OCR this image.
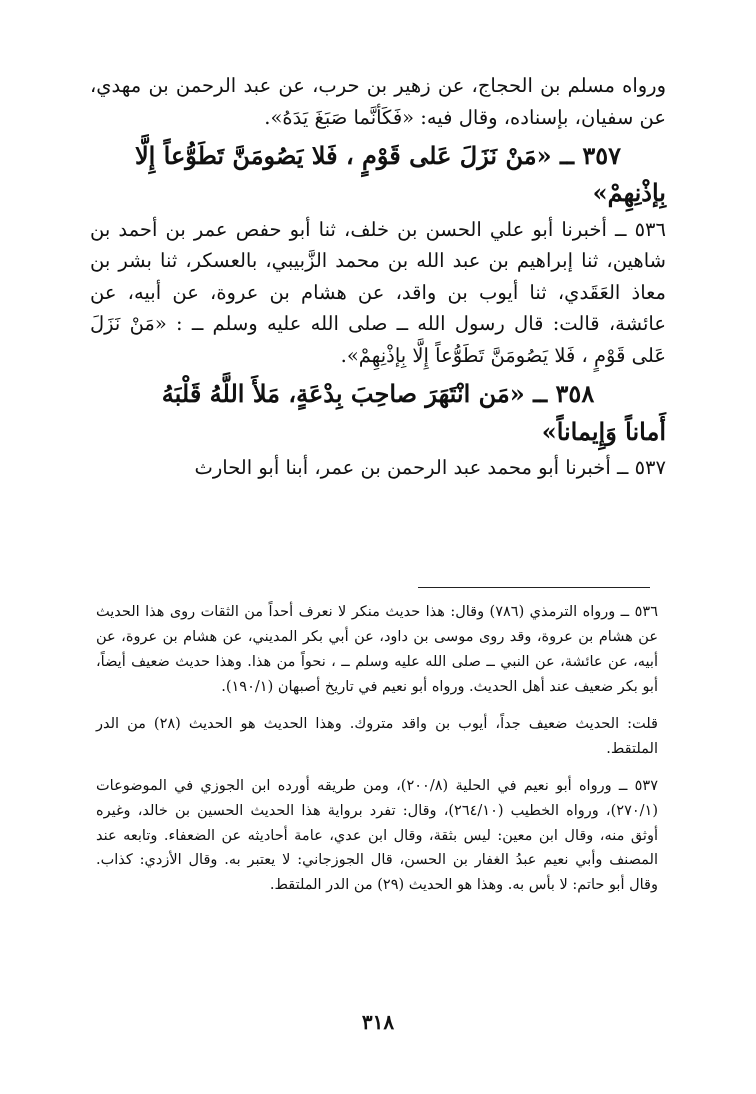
ورواه مسلم بن الحجاج، عن زهير بن حرب، عن عبد الرحمن بن مهدي، عن سفيان، بإسناده، وقال فيه: «فَكَأنَّما صَبَغَ يَدَهُ».

٣٥٧ ــ «مَنْ نَزَلَ عَلى قَوْمٍ ، فَلا يَصُومَنَّ تَطَوُّعاً إِلَّا
بِإذْنِهِمْ»

٥٣٦ ــ أخبرنا أبو علي الحسن بن خلف، ثنا أبو حفص عمر بن أحمد بن شاهين، ثنا إبراهيم بن عبد الله بن محمد الزَّبيبي، بالعسكر، ثنا بشر بن معاذ العَقَدي، ثنا أيوب بن واقد، عن هشام بن عروة، عن أبيه، عن عائشة، قالت: قال رسول الله ــ صلى الله عليه وسلم ــ : «مَنْ نَزَلَ عَلى قَوْمٍ ، فَلا يَصُومَنَّ تَطَوُّعاً إِلَّا بِإذْنِهِمْ».

٣٥٨ ــ «مَن انْتَهَرَ صاحِبَ بِدْعَةٍ، مَلأَ اللَّهُ قَلْبَهُ
أَماناً وَإِيماناً»

٥٣٧ ــ أخبرنا أبو محمد عبد الرحمن بن عمر، أبنا أبو الحارث

٥٣٦ ــ ورواه الترمذي (٧٨٦) وقال: هذا حديث منكر لا نعرف أحداً من الثقات روى هذا الحديث عن هشام بن عروة، وقد روى موسى بن داود، عن أبي بكر المديني، عن هشام بن عروة، عن أبيه، عن عائشة، عن النبي ــ صلى الله عليه وسلم ــ ، نحواً من هذا. وهذا حديث ضعيف أيضاً، أبو بكر ضعيف عند أهل الحديث. ورواه أبو نعيم في تاريخ أصبهان (١٩٠/١).

قلت: الحديث ضعيف جداً، أيوب بن واقد متروك. وهذا الحديث هو الحديث (٢٨) من الدر الملتقط.

٥٣٧ ــ ورواه أبو نعيم في الحلية (٢٠٠/٨)، ومن طريقه أورده ابن الجوزي في الموضوعات (٢٧٠/١)، ورواه الخطيب (٢٦٤/١٠)، وقال: تفرد برواية هذا الحديث الحسين بن خالد، وغيره أوثق منه، وقال ابن معين: ليس بثقة، وقال ابن عدي، عامة أحاديثه عن الضعفاء. وتابعه عند المصنف وأبي نعيم عبدُ الغفار بن الحسن، قال الجوزجاني: لا يعتبر به. وقال الأزدي: كذاب. وقال أبو حاتم: لا بأس به. وهذا هو الحديث (٢٩) من الدر الملتقط.

٣١٨
